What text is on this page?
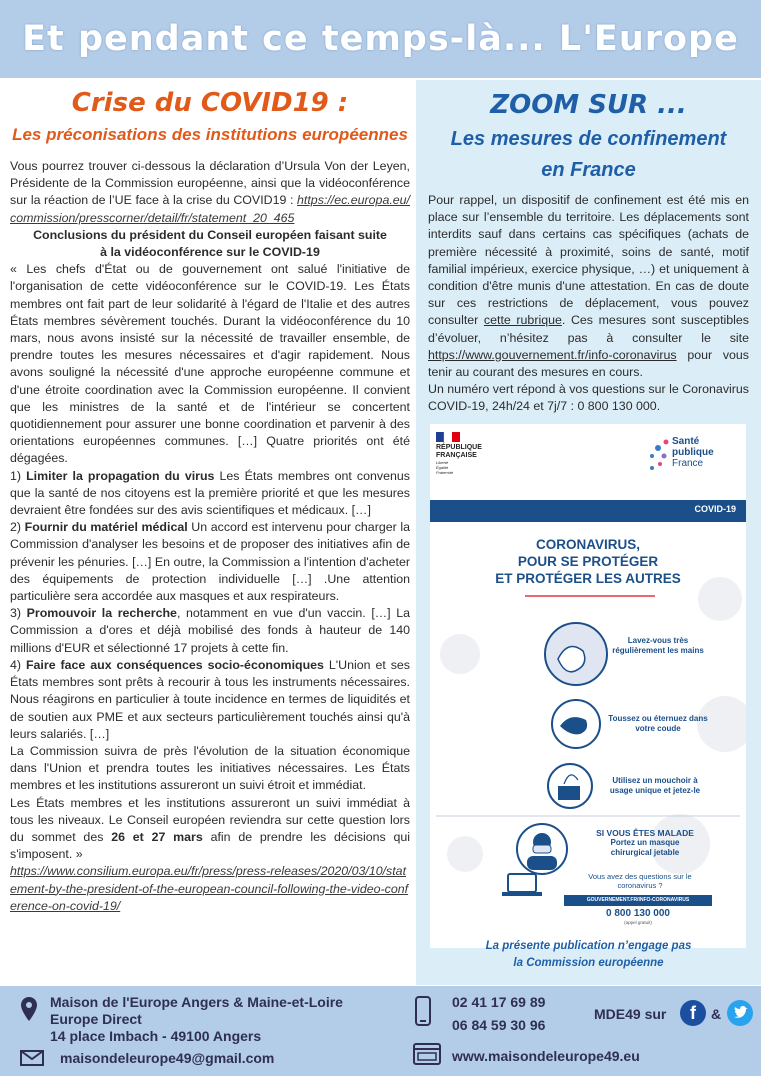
Et pendant ce temps-là... L'Europe
Crise du COVID19 :
Les préconisations des institutions européennes

Vous pourrez trouver ci-dessous la déclaration d’Ursula Von der Leyen, Présidente de la Commission européenne, ainsi que la vidéoconférence sur la réaction de l’UE face à la crise du COVID19 : https://ec.europa.eu/commission/presscorner/detail/fr/statement_20_465

Conclusions du président du Conseil européen faisant suite
à la vidéoconférence sur le COVID-19

« Les chefs d'État ou de gouvernement ont salué l'initiative de l'organisation de cette vidéoconférence sur le COVID-19. Les États membres ont fait part de leur solidarité à l'égard de l'Italie et des autres États membres sévèrement touchés. Durant la vidéoconférence du 10 mars, nous avons insisté sur la nécessité de travailler ensemble, de prendre toutes les mesures nécessaires et d'agir rapidement. Nous avons souligné la nécessité d'une approche européenne commune et d'une étroite coordination avec la Commission européenne. Il convient que les ministres de la santé et de l'intérieur se concertent quotidiennement pour assurer une bonne coordination et parvenir à des orientations européennes communes. […] Quatre priorités ont été dégagées.

1) Limiter la propagation du virus Les États membres ont convenus que la santé de nos citoyens est la première priorité et que les mesures devraient être fondées sur des avis scientifiques et médicaux. […]

2) Fournir du matériel médical Un accord est intervenu pour charger la Commission d'analyser les besoins et de proposer des initiatives afin de prévenir les pénuries. […] En outre, la Commission a l'intention d'acheter des équipements de protection individuelle […] .Une attention particulière sera accordée aux masques et aux respirateurs.

3) Promouvoir la recherche, notamment en vue d'un vaccin. […] La Commission a d'ores et déjà mobilisé des fonds à hauteur de 140 millions d'EUR et sélectionné 17 projets à cette fin.

4) Faire face aux conséquences socio-économiques L'Union et ses États membres sont prêts à recourir à tous les instruments nécessaires. Nous réagirons en particulier à toute incidence en termes de liquidités et de soutien aux PME et aux secteurs particulièrement touchés ainsi qu'à leurs salariés. […]

La Commission suivra de près l'évolution de la situation économique dans l'Union et prendra toutes les initiatives nécessaires. Les États membres et les institutions assureront un suivi étroit et immédiat.

Les États membres et les institutions assureront un suivi immédiat à tous les niveaux. Le Conseil européen reviendra sur cette question lors du sommet des 26 et 27 mars afin de prendre les décisions qui s'imposent. »

https://www.consilium.europa.eu/fr/press/press-releases/2020/03/10/statement-by-the-president-of-the-european-council-following-the-video-conference-on-covid-19/

ZOOM SUR ...
Les mesures de confinement
en France

Pour rappel, un dispositif de confinement est été mis en place sur l’ensemble du territoire. Les déplacements sont interdits sauf dans certains cas spécifiques (achats de première nécessité à proximité, soins de santé, motif familial impérieux, exercice physique, …) et uniquement à condition d'être munis d'une attestation. En cas de doute sur ces restrictions de déplacement, vous pouvez consulter cette rubrique. Ces mesures sont susceptibles d’évoluer, n’hésitez pas à consulter le site https://www.gouvernement.fr/info-coronavirus pour vous tenir au courant des mesures en cours.

Un numéro vert répond à vos questions sur le Coronavirus COVID-19, 24h/24 et 7j/7 : 0 800 130 000.

RÉPUBLIQUE
FRANÇAISE
Liberté Égalité Fraternité
Santé
publique
France
COVID-19
CORONAVIRUS,
POUR SE PROTÉGER
ET PROTÉGER LES AUTRES
Lavez-vous très régulièrement les mains
Toussez ou éternuez dans votre coude
Utilisez un mouchoir à usage unique et jetez-le
SI VOUS ÊTES MALADE
Portez un masque chirurgical jetable
Vous avez des questions sur le coronavirus ?
GOUVERNEMENT.FR/INFO-CORONAVIRUS
0 800 130 000
(appel gratuit)
La présente publication n’engage pas
la Commission européenne
Maison de l'Europe Angers & Maine-et-Loire
Europe Direct
14 place Imbach - 49100 Angers
maisondeleurope49@gmail.com
02 41 17 69 89
06 84 59 30 96
www.maisondeleurope49.eu
MDE49 sur	f	&
